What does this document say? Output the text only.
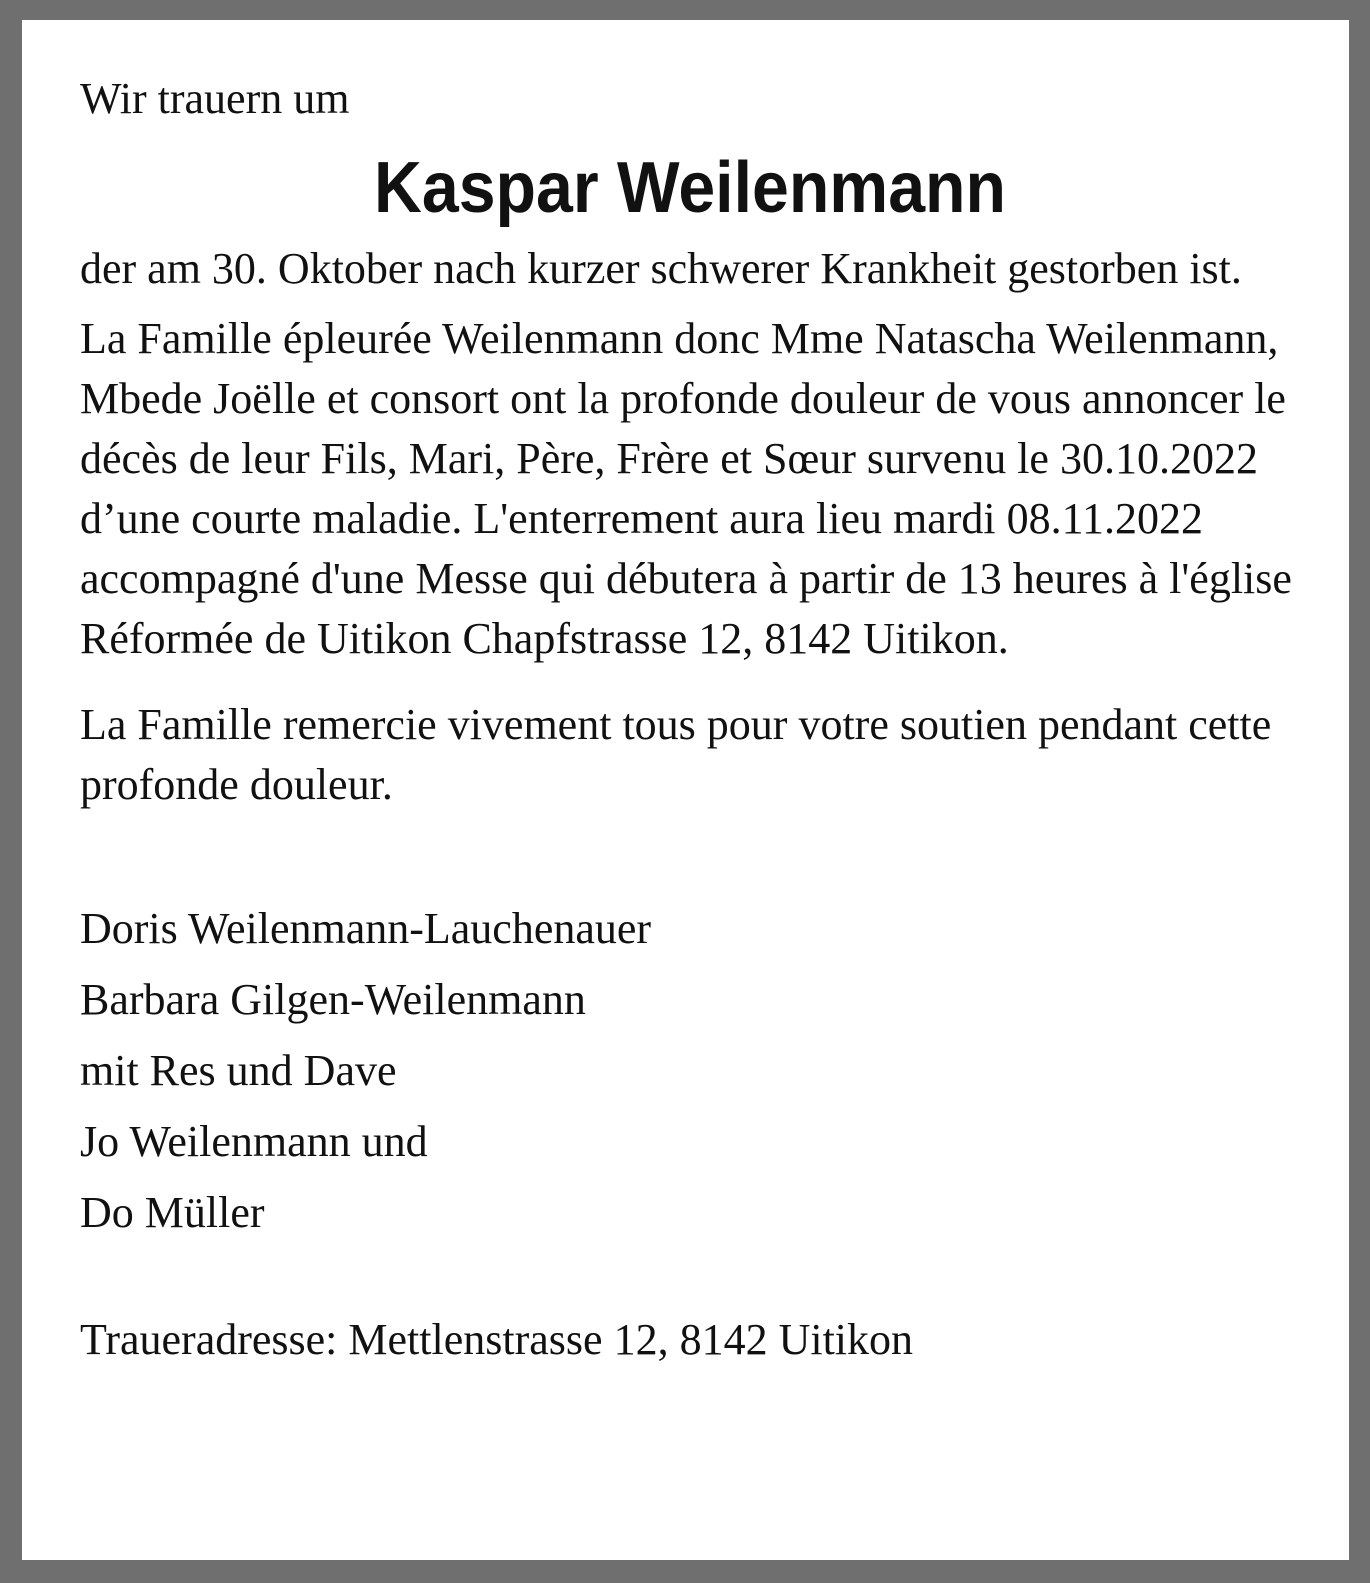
Wir trauern um

Kaspar Weilenmann

der am 30. Oktober nach kurzer schwerer Krankheit gestorben ist.

La Famille épleurée Weilenmann donc Mme Natascha Weilenmann, Mbede Joëlle et consort ont la profonde douleur de vous annoncer le décès de leur Fils, Mari, Père, Frère et Sœur survenu le 30.10.2022 d’une courte maladie. L'enterrement aura lieu mardi 08.11.2022 accompagné d'une Messe qui débutera à partir de 13 heures à l'église Réformée de Uitikon Chapfstrasse 12, 8142 Uitikon.

La Famille remercie vivement tous pour votre soutien pendant cette profonde douleur.

Doris Weilenmann-Lauchenauer
Barbara Gilgen-Weilenmann
mit Res und Dave
Jo Weilenmann und
Do Müller

Traueradresse: Mettlenstrasse 12, 8142 Uitikon
